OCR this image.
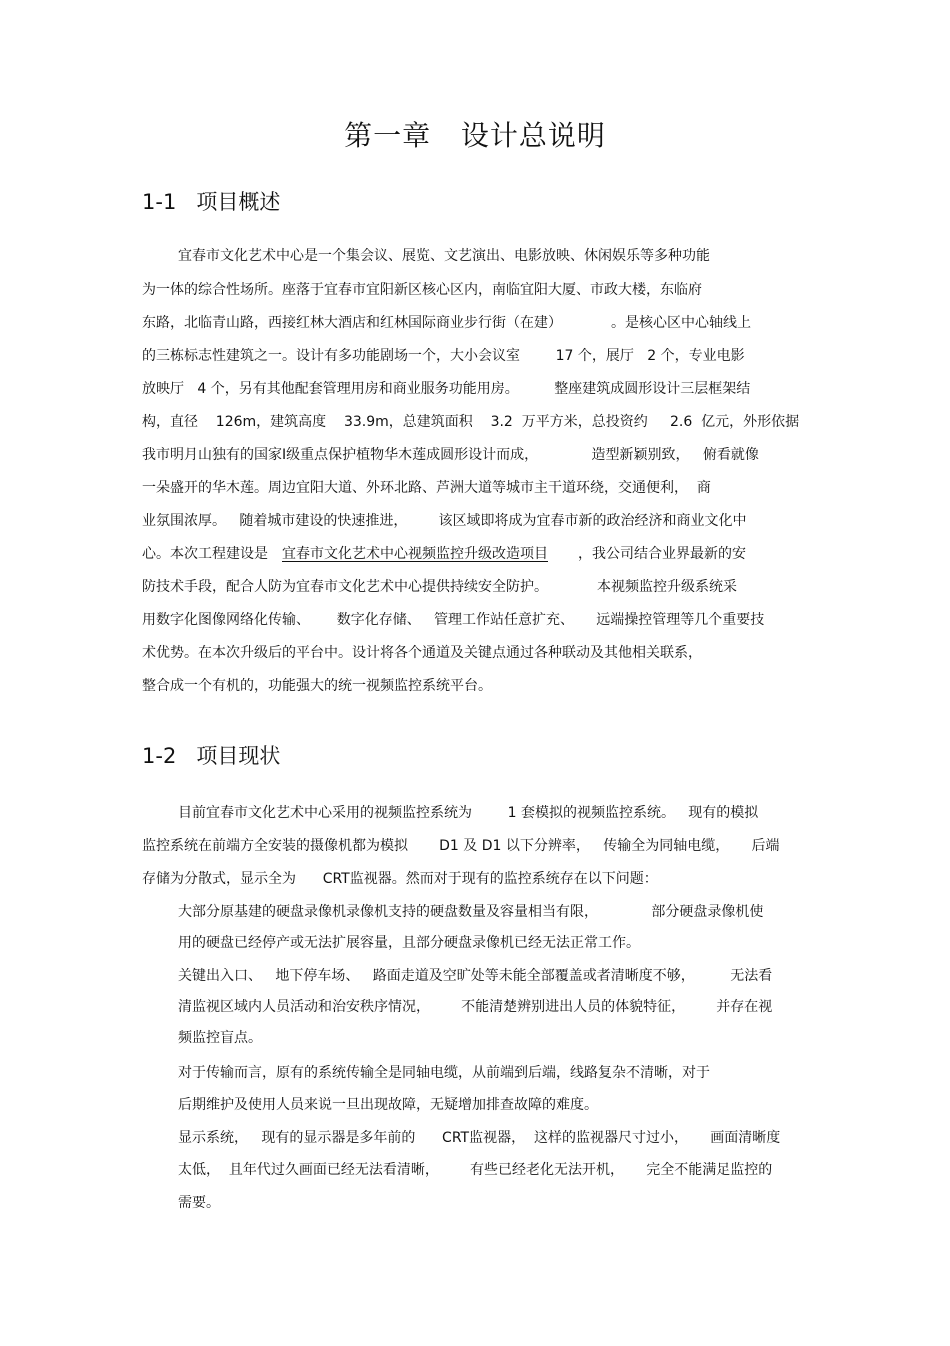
第一章   设计总说明
1-1   项目概述
宜春市文化艺术中心是一个集会议、展览、文艺演出、电影放映、休闲娱乐等多种功能
为一体的综合性场所。座落于宜春市宜阳新区核心区内，南临宜阳大厦、市政大楼，东临府
东路，北临青山路，西接红林大酒店和红林国际商业步行街（在建）           。是核心区中心轴线上
的三栋标志性建筑之一。设计有多功能剧场一个，大小会议室        17 个，展厅   2 个，专业电影
放映厅   4 个，另有其他配套管理用房和商业服务功能用房。        整座建筑成圆形设计三层框架结
构，直径    126m，建筑高度    33.9m，总建筑面积    3.2  万平方米，总投资约     2.6  亿元，外形依据
我市明月山独有的国家Ⅰ级重点保护植物华木莲成圆形设计而成，            造型新颖别致，   俯看就像
一朵盛开的华木莲。周边宜阳大道、外环北路、芦洲大道等城市主干道环绕，交通便利，  商
业氛围浓厚。   随着城市建设的快速推进，       该区域即将成为宜春市新的政治经济和商业文化中
心。本次工程建设是 宜春市文化艺术中心视频监控升级改造项目 ，我公司结合业界最新的安
防技术手段，配合人防为宜春市文化艺术中心提供持续安全防护。           本视频监控升级系统采
用数字化图像网络化传输、      数字化存储、   管理工作站任意扩充、     远端操控管理等几个重要技
术优势。在本次升级后的平台中。设计将各个通道及关键点通过各种联动及其他相关联系，
整合成一个有机的，功能强大的统一视频监控系统平台。
1-2   项目现状
目前宜春市文化艺术中心采用的视频监控系统为        1 套模拟的视频监控系统。   现有的模拟
监控系统在前端方全安装的摄像机都为模拟       D1 及 D1 以下分辨率，   传输全为同轴电缆，     后端
存储为分散式，显示全为      CRT监视器。然而对于现有的监控系统存在以下问题：
大部分原基建的硬盘录像机录像机支持的硬盘数量及容量相当有限，            部分硬盘录像机使
用的硬盘已经停产或无法扩展容量，且部分硬盘录像机已经无法正常工作。
关键出入口、   地下停车场、   路面走道及空旷处等未能全部覆盖或者清晰度不够，        无法看
清监视区域内人员活动和治安秩序情况，       不能清楚辨别进出人员的体貌特征，       并存在视
频监控盲点。
对于传输而言，原有的系统传输全是同轴电缆，从前端到后端，线路复杂不清晰，对于
后期维护及使用人员来说一旦出现故障，无疑增加排查故障的难度。
显示系统，   现有的显示器是多年前的      CRT监视器，  这样的监视器尺寸过小，     画面清晰度
太低，  且年代过久画面已经无法看清晰，       有些已经老化无法开机，     完全不能满足监控的
需要。
